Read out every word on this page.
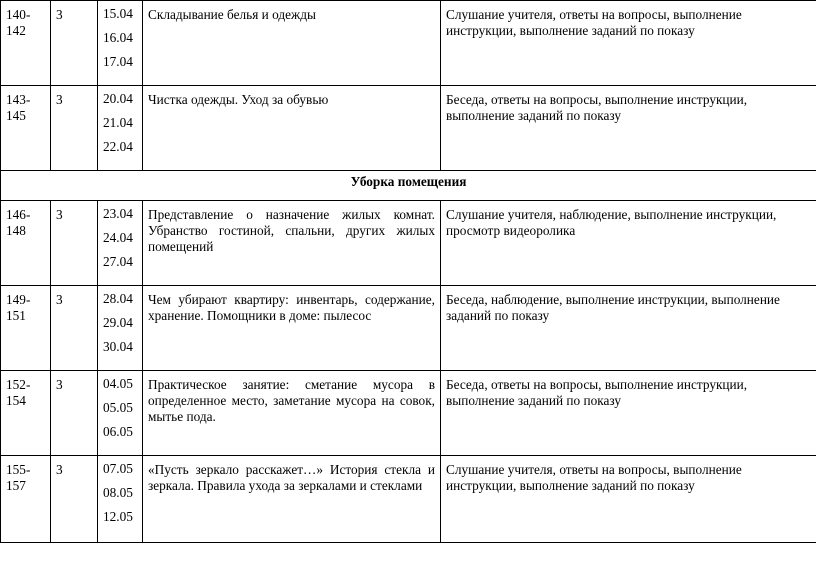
140-142	3	15.04
16.04
17.04	Складывание белья и одежды	Слушание учителя, ответы на вопросы, выполнение инструкции, выполнение заданий по показу
143-145	3	20.04
21.04
22.04	Чистка одежды. Уход за обувью	Беседа, ответы на вопросы, выполнение инструкции, выполнение заданий по показу
Уборка помещения				
146-148	3	23.04
24.04
27.04	Представление о назначение жилых комнат. Убранство гостиной, спальни, других жилых помещений	Слушание учителя, наблюдение, выполнение инструкции, просмотр видеоролика
149-151	3	28.04
29.04
30.04	Чем убирают квартиру: инвентарь, содержание, хранение. Помощники в доме: пылесос	Беседа, наблюдение, выполнение инструкции, выполнение заданий по показу
152-154	3	04.05
05.05
06.05	Практическое занятие: сметание мусора в определенное место, заметание мусора на совок, мытье пода.	Беседа, ответы на вопросы, выполнение инструкции, выполнение заданий по показу
155-157	3	07.05
08.05
12.05	«Пусть зеркало расскажет…» История стекла и зеркала. Правила ухода за зеркалами и стеклами	Слушание учителя, ответы на вопросы, выполнение инструкции, выполнение заданий по показу
